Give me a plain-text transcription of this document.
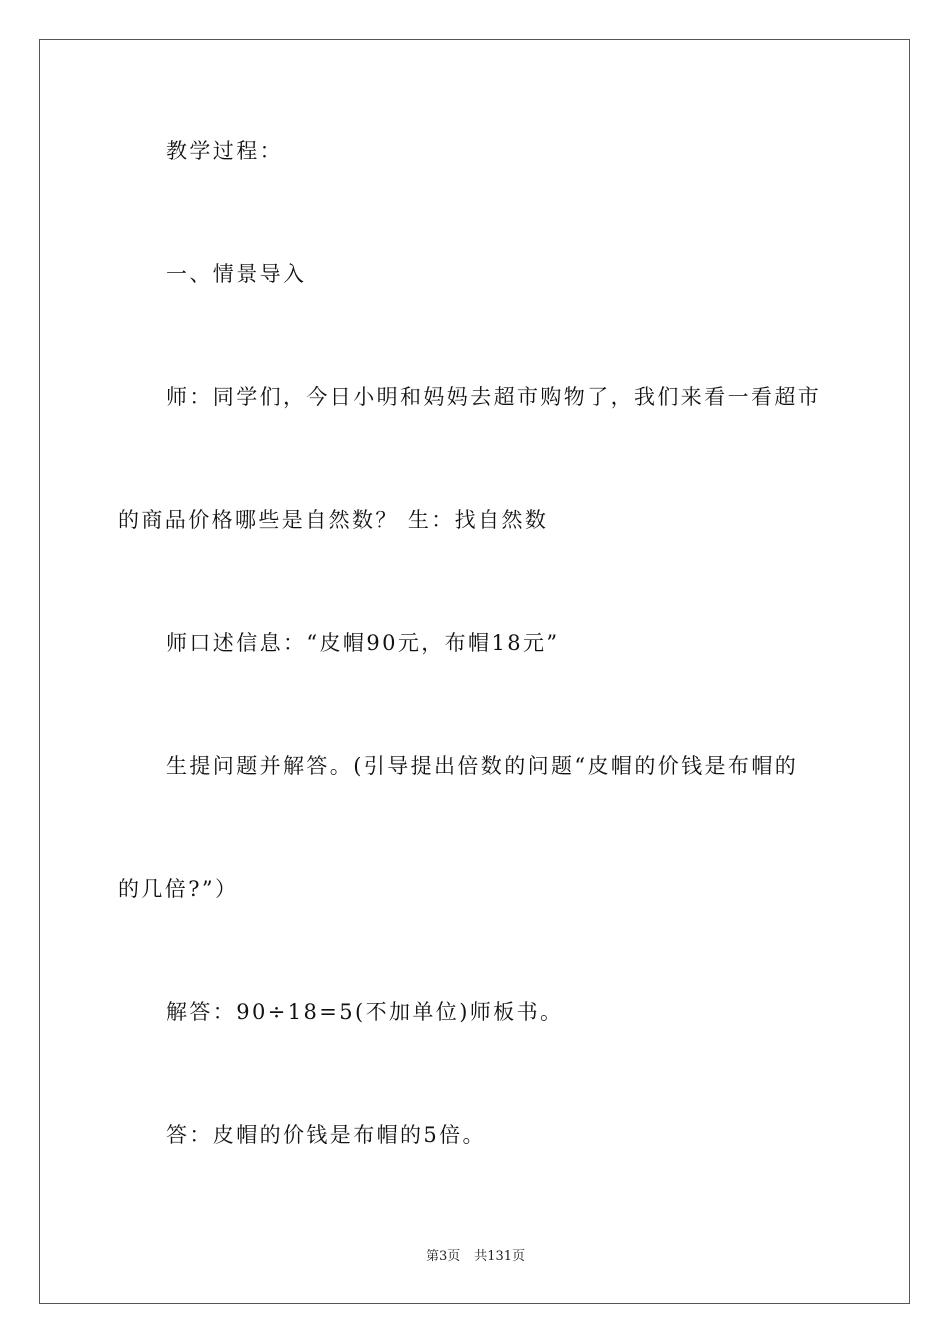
教学过程：
一、情景导入
师：同学们，今日小明和妈妈去超市购物了，我们来看一看超市
的商品价格哪些是自然数？ 生：找自然数
师口述信息：“皮帽90元，布帽18元”
生提问题并解答。(引导提出倍数的问题“皮帽的价钱是布帽的
的几倍?”）
解答：90÷18=5(不加单位)师板书。
答：皮帽的价钱是布帽的5倍。
第3页 共131页
